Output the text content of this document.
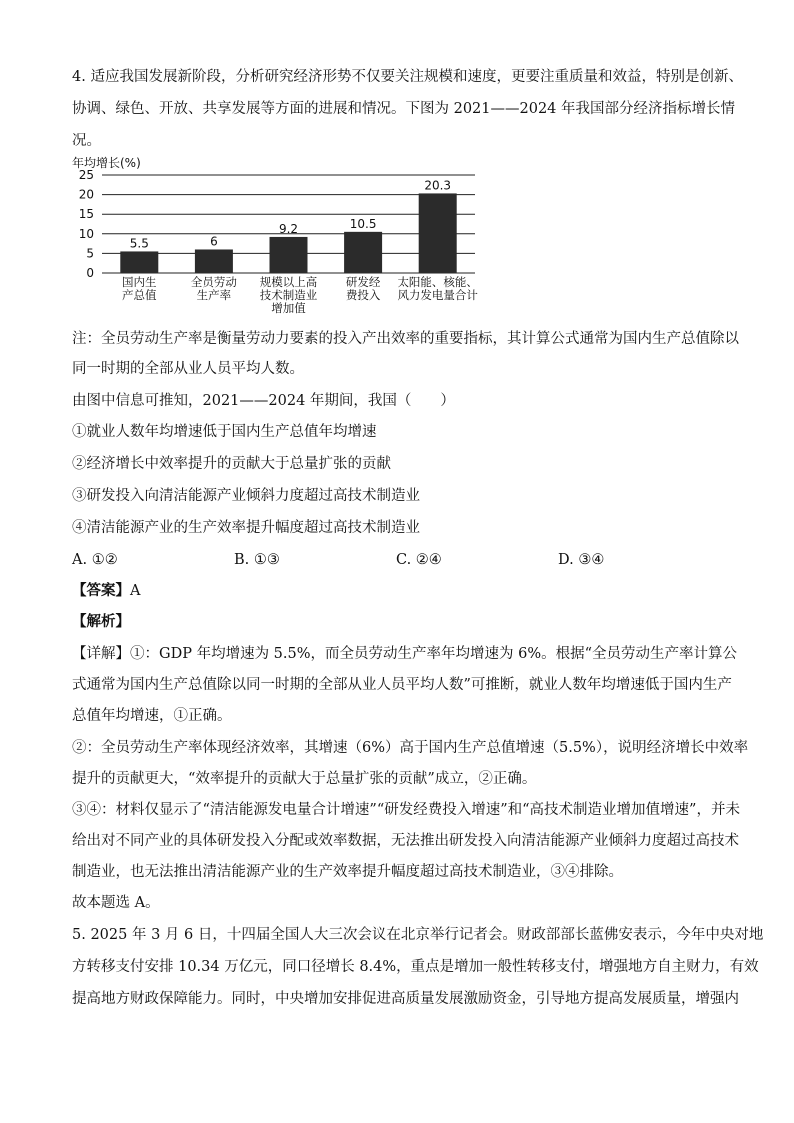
4. 适应我国发展新阶段，分析研究经济形势不仅要关注规模和速度，更要注重质量和效益，特别是创新、

协调、绿色、开放、共享发展等方面的进展和情况。下图为 2021——2024 年我国部分经济指标增长情

况。

0
5
10
15
20
25
5.5
国内生
产总值
6
全员劳动
生产率
9.2
规模以上高
技术制造业
增加值
10.5
研发经
费投入
20.3
太阳能、核能、
风力发电量合计
年均增长(%)

注：全员劳动生产率是衡量劳动力要素的投入产出效率的重要指标，其计算公式通常为国内生产总值除以

同一时期的全部从业人员平均人数。

由图中信息可推知，2021——2024 年期间，我国（　　）

①就业人数年均增速低于国内生产总值年均增速

②经济增长中效率提升的贡献大于总量扩张的贡献

③研发投入向清洁能源产业倾斜力度超过高技术制造业

④清洁能源产业的生产效率提升幅度超过高技术制造业

A. ①②	B. ①③	C. ②④	D. ③④

【答案】A

【解析】

【详解】①：GDP 年均增速为 5.5%，而全员劳动生产率年均增速为 6%。根据“全员劳动生产率计算公

式通常为国内生产总值除以同一时期的全部从业人员平均人数”可推断，就业人数年均增速低于国内生产

总值年均增速，①正确。

②：全员劳动生产率体现经济效率，其增速（6%）高于国内生产总值增速（5.5%），说明经济增长中效率

提升的贡献更大，“效率提升的贡献大于总量扩张的贡献”成立，②正确。

③④：材料仅显示了“清洁能源发电量合计增速”“研发经费投入增速”和“高技术制造业增加值增速”，并未

给出对不同产业的具体研发投入分配或效率数据，无法推出研发投入向清洁能源产业倾斜力度超过高技术

制造业，也无法推出清洁能源产业的生产效率提升幅度超过高技术制造业，③④排除。

故本题选 A。

5. 2025 年 3 月 6 日，十四届全国人大三次会议在北京举行记者会。财政部部长蓝佛安表示，今年中央对地

方转移支付安排 10.34 万亿元，同口径增长 8.4%，重点是增加一般性转移支付，增强地方自主财力，有效

提高地方财政保障能力。同时，中央增加安排促进高质量发展激励资金，引导地方提高发展质量，增强内
